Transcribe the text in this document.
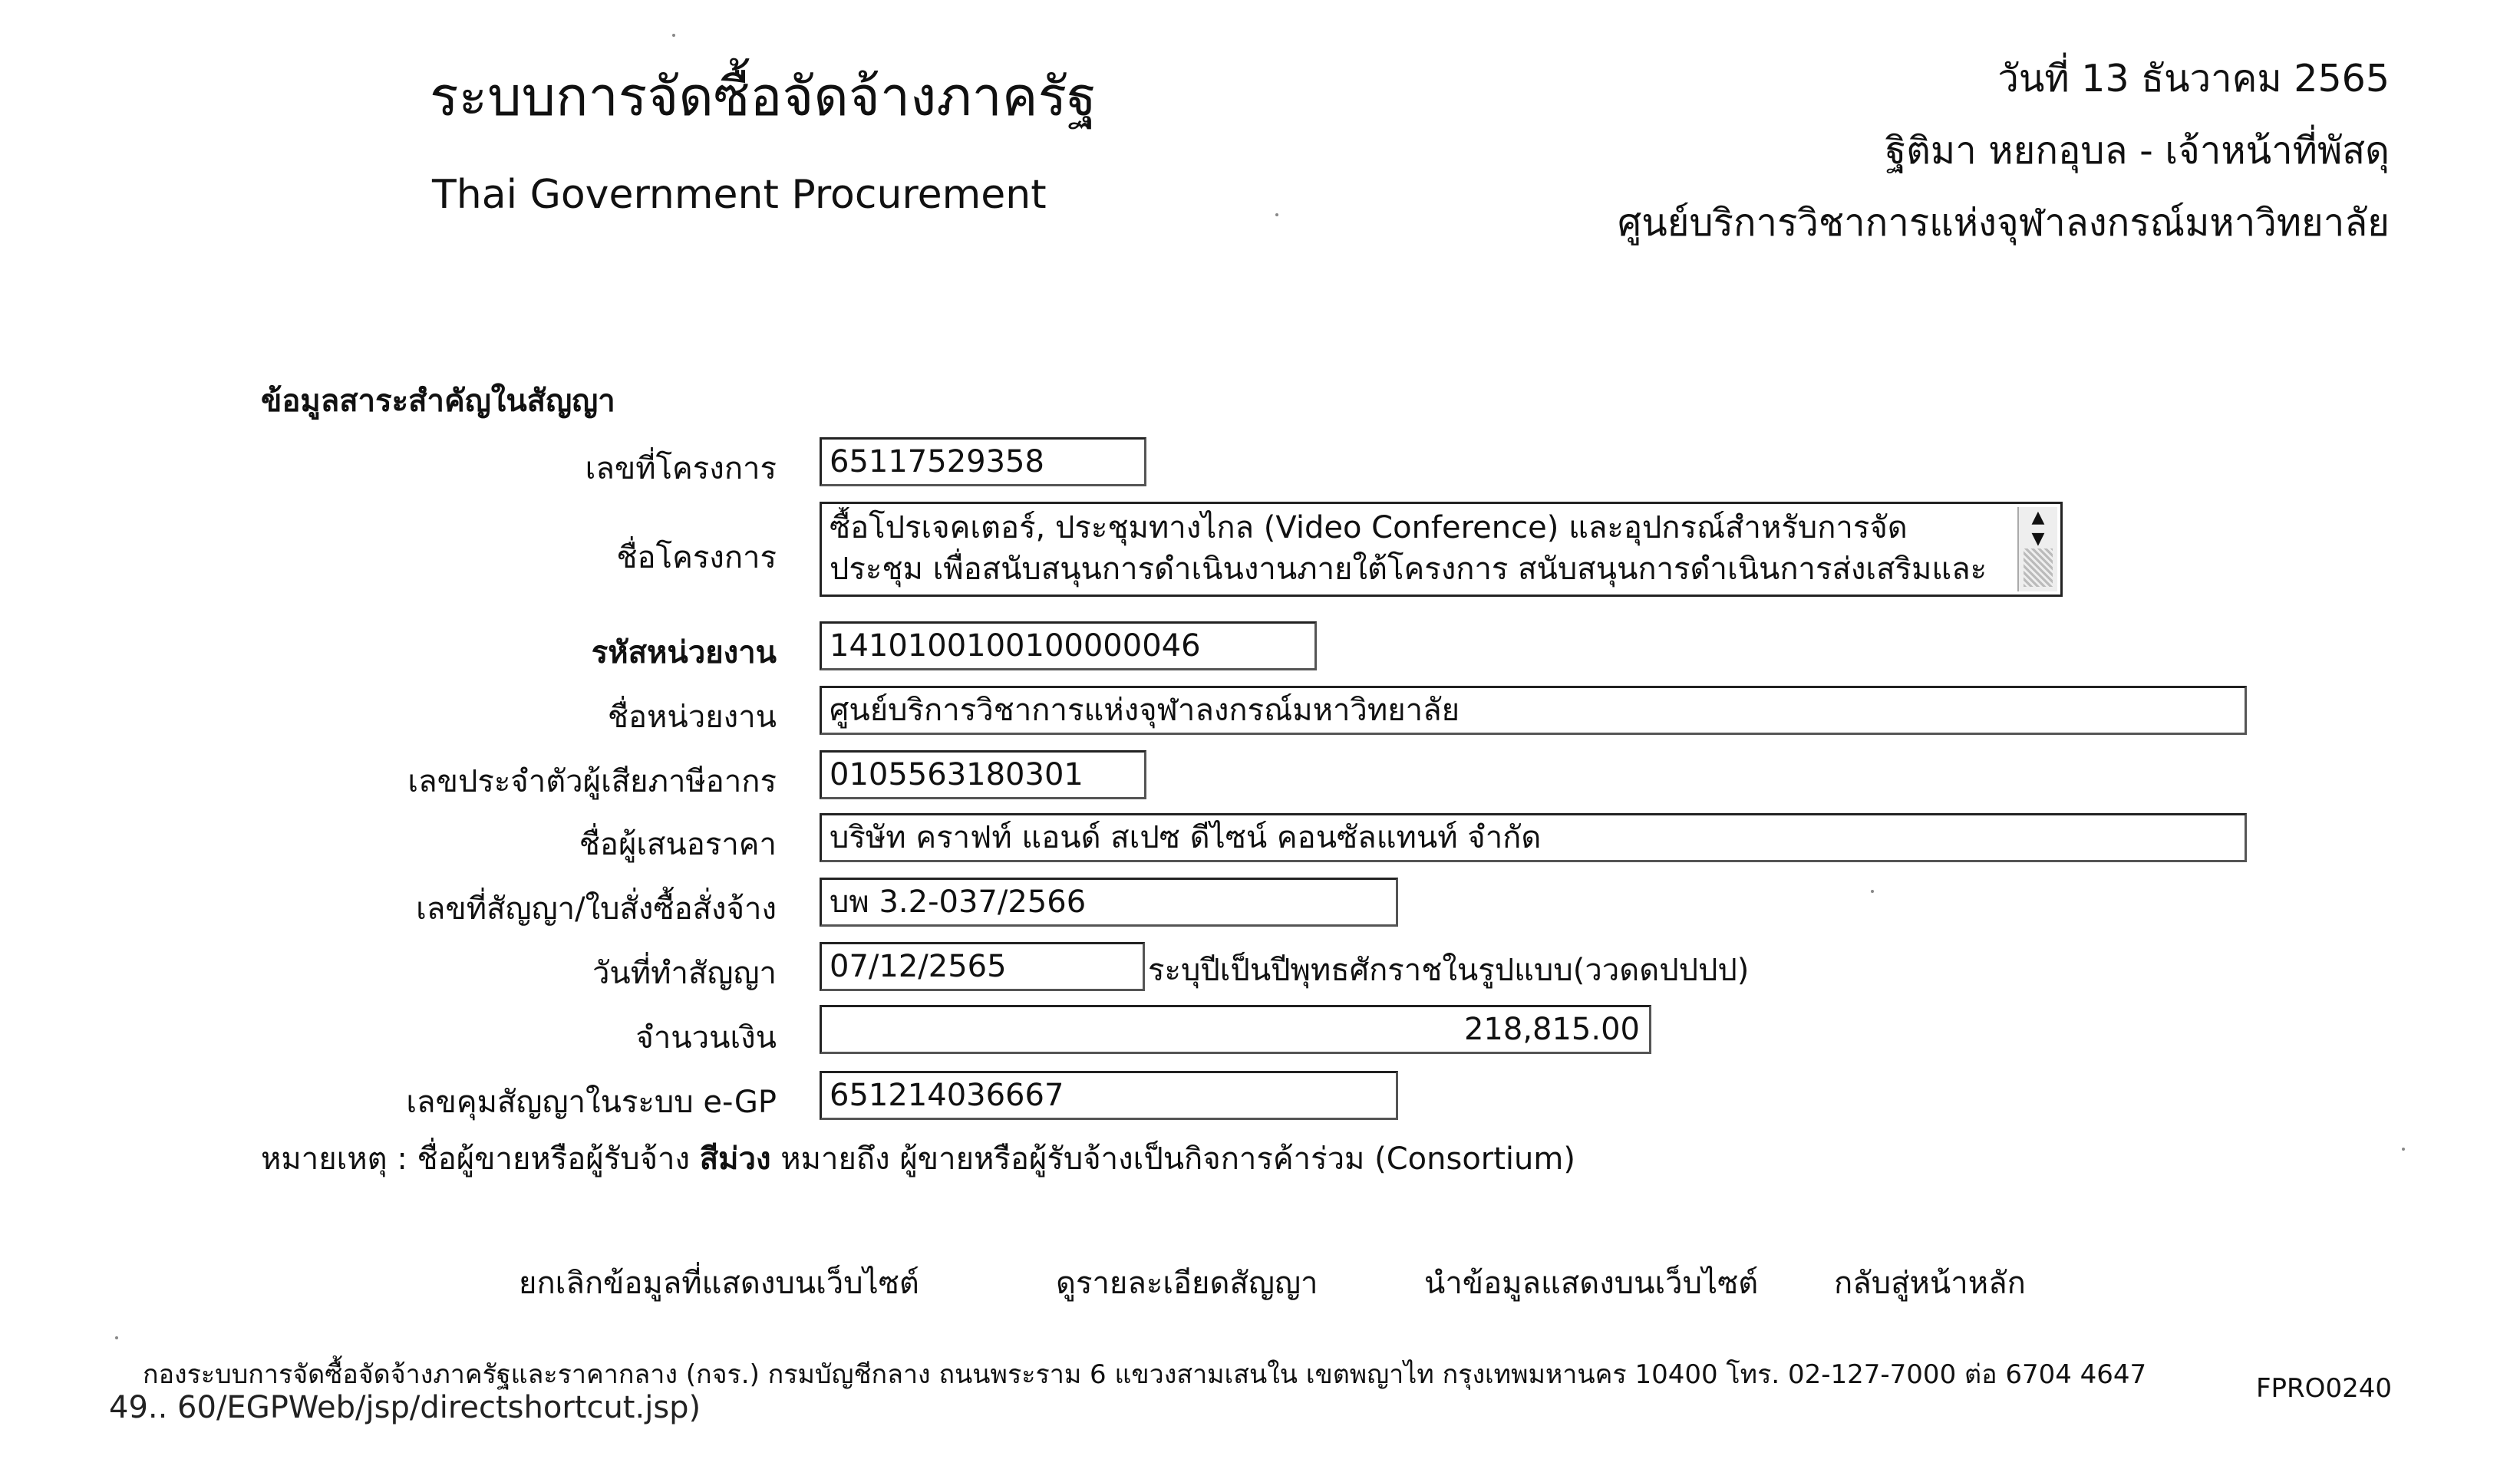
ระบบการจัดซื้อจัดจ้างภาครัฐ
Thai Government Procurement
วันที่ 13 ธันวาคม 2565
ฐิติมา หยกอุบล - เจ้าหน้าที่พัสดุ
ศูนย์บริการวิชาการแห่งจุฬาลงกรณ์มหาวิทยาลัย
ข้อมูลสาระสำคัญในสัญญา
เลขที่โครงการ	65117529358
ชื่อโครงการ
ซื้อโปรเจคเตอร์, ประชุมทางไกล (Video Conference) และอุปกรณ์สำหรับการจัด
ประชุม เพื่อสนับสนุนการดำเนินงานภายใต้โครงการ สนับสนุนการดำเนินการส่งเสริมและ
▲
▼
รหัสหน่วยงาน	1410100100100000046
ชื่อหน่วยงาน	ศูนย์บริการวิชาการแห่งจุฬาลงกรณ์มหาวิทยาลัย
เลขประจำตัวผู้เสียภาษีอากร	0105563180301
ชื่อผู้เสนอราคา	บริษัท คราฟท์ แอนด์ สเปซ ดีไซน์ คอนซัลแทนท์ จำกัด
เลขที่สัญญา/ใบสั่งซื้อสั่งจ้าง	บพ 3.2-037/2566
วันที่ทำสัญญา	07/12/2565	ระบุปีเป็นปีพุทธศักราชในรูปแบบ(ววดดปปปป)
จำนวนเงิน	218,815.00
เลขคุมสัญญาในระบบ e-GP	651214036667
หมายเหตุ : ชื่อผู้ขายหรือผู้รับจ้าง สีม่วง หมายถึง ผู้ขายหรือผู้รับจ้างเป็นกิจการค้าร่วม (Consortium)
ยกเลิกข้อมูลที่แสดงบนเว็บไซต์	ดูรายละเอียดสัญญา	นำข้อมูลแสดงบนเว็บไซต์ กลับสู่หน้าหลัก
กองระบบการจัดซื้อจัดจ้างภาครัฐและราคากลาง (กจร.) กรมบัญชีกลาง ถนนพระราม 6 แขวงสามเสนใน เขตพญาไท กรุงเทพมหานคร 10400 โทร. 02-127-7000 ต่อ 6704 4647	FPRO0240
49.. 60/EGPWeb/jsp/directshortcut.jsp)
